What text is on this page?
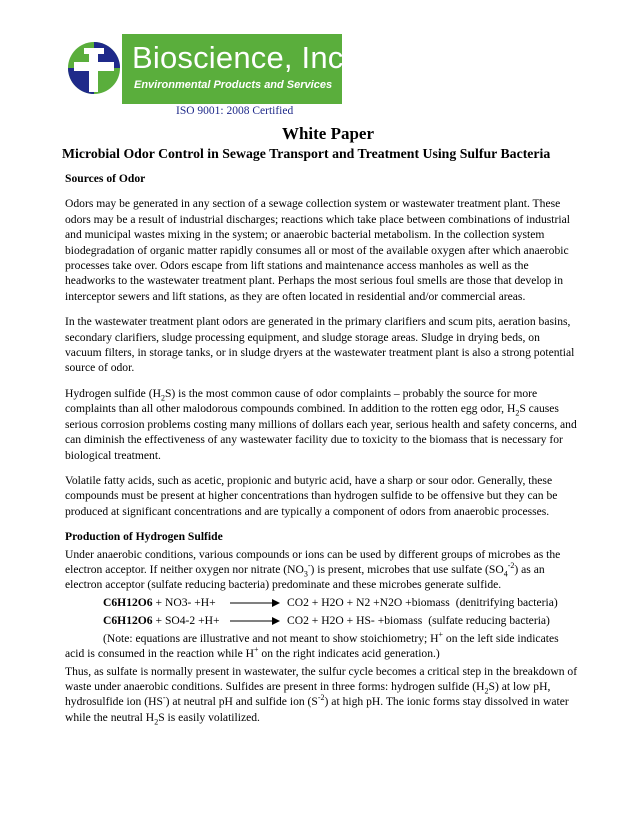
Bioscience, Inc.
Environmental Products and Services
ISO 9001: 2008 Certified
White Paper
Microbial Odor Control in Sewage Transport and Treatment Using Sulfur Bacteria
Sources of Odor

Odors may be generated in any section of a sewage collection system or wastewater treatment plant. These odors may be a result of industrial discharges; reactions which take place between combinations of industrial and municipal wastes mixing in the system; or anaerobic bacterial metabolism. In the collection system biodegradation of organic matter rapidly consumes all or most of the available oxygen after which anaerobic processes take over. Odors escape from lift stations and maintenance access manholes as well as the headworks to the wastewater treatment plant. Perhaps the most serious foul smells are those that develop in interceptor sewers and lift stations, as they are often located in residential and/or commercial areas.

In the wastewater treatment plant odors are generated in the primary clarifiers and scum pits, aeration basins, secondary clarifiers, sludge processing equipment, and sludge storage areas. Sludge in drying beds, on vacuum filters, in storage tanks, or in sludge dryers at the wastewater treatment plant is also a strong potential source of odor.

Hydrogen sulfide $(H_2S)$ is the most common cause of odor complaints – probably the source for more complaints than all other malodorous compounds combined. In addition to the rotten egg odor, $H_2S$ causes serious corrosion problems costing many millions of dollars each year, serious health and safety concerns, and can diminish the effectiveness of any wastewater facility due to toxicity to the biomass that is necessary for biological treatment.

Volatile fatty acids, such as acetic, propionic and butyric acid, have a sharp or sour odor. Generally, these compounds must be present at higher concentrations than hydrogen sulfide to be offensive but they can be produced at significant concentrations and are typically a component of odors from anaerobic processes.

Production of Hydrogen Sulfide

Under anaerobic conditions, various compounds or ions can be used by different groups of microbes as the electron acceptor. If neither oxygen nor nitrate $(NO_3^-)$ is present, microbes that use sulfate $(SO_4^{-2})$ as an electron acceptor (sulfate reducing bacteria) predominate and these microbes generate sulfide.

C6H12O6 + NO3- +H+	CO2 + H2O + N2 +N2O +biomass (denitrifying bacteria)
C6H12O6 + SO4-2 +H+	CO2 + H2O + HS- +biomass (sulfate reducing bacteria)

(Note: equations are illustrative and not meant to show stoichiometry; H+ on the left side indicates acid is consumed in the reaction while H+ on the right indicates acid generation.)

Thus, as sulfate is normally present in wastewater, the sulfur cycle becomes a critical step in the breakdown of waste under anaerobic conditions. Sulfides are present in three forms: hydrogen sulfide $(H_2S)$ at low pH, hydrosulfide ion (HS-) at neutral pH and sulfide ion $(S^{-2})$ at high pH. The ionic forms stay dissolved in water while the neutral $H_2S$ is easily volatilized.
